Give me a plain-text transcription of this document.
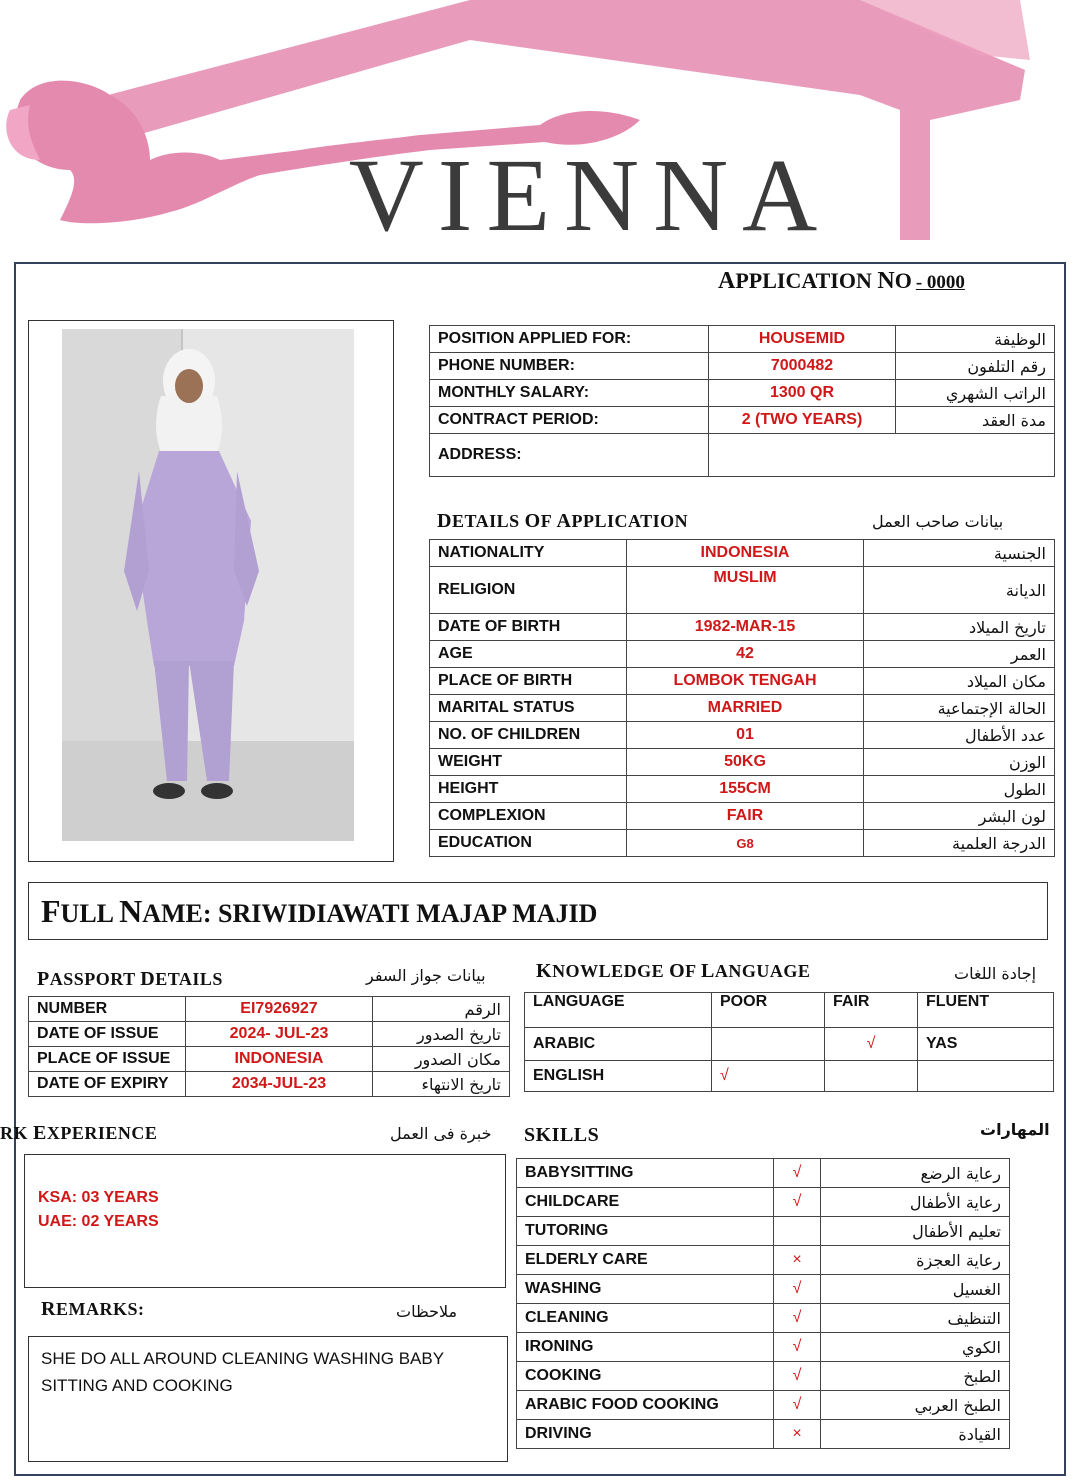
VIENNA
APPLICATION NO - 0000
POSITION APPLIED FOR:	HOUSEMID	الوظيفة
PHONE NUMBER:	7000482	رقم التلفون
MONTHLY SALARY:	1300 QR	الراتب الشهري
CONTRACT PERIOD:	2 (TWO YEARS)	مدة العقد
ADDRESS:		
DETAILS OF APPLICATION	بيانات صاحب العمل
NATIONALITY	INDONESIA	الجنسية
RELIGION	MUSLIM	الديانة
DATE OF BIRTH	1982-MAR-15	تاريخ الميلاد
AGE	42	العمر
PLACE OF BIRTH	LOMBOK TENGAH	مكان الميلاد
MARITAL STATUS	MARRIED	الحالة الإجتماعية
NO. OF CHILDREN	01	عدد الأطفال
WEIGHT	50KG	الوزن
HEIGHT	155CM	الطول
COMPLEXION	FAIR	لون البشر
EDUCATION	G8	الدرجة العلمية
FULL NAME: SRIWIDIAWATI MAJAP MAJID
PASSPORT DETAILS	بيانات جواز السفر
NUMBER	EI7926927	الرقم
DATE OF ISSUE	2024- JUL-23	تاريخ الصدور
PLACE OF ISSUE	INDONESIA	مكان الصدور
DATE OF EXPIRY	2034-JUL-23	تاريخ الانتهاء
KNOWLEDGE OF LANGUAGE	إجادة اللغات
LANGUAGE	POOR	FAIR	FLUENT
ARABIC		√	YAS
ENGLISH	√		
RK EXPERIENCE	خبرة فى العمل
KSA: 03 YEARS
UAE: 02 YEARS
REMARKS:	ملاحظات
SHE DO ALL AROUND CLEANING WASHING BABY SITTING AND COOKING
SKILLS	المهارات
BABYSITTING	√	رعاية الرضع
CHILDCARE	√	رعاية الأطفال
TUTORING		تعليم الأطفال
ELDERLY CARE	×	رعاية العجزة
WASHING	√	الغسيل
CLEANING	√	التنظيف
IRONING	√	الكوي
COOKING	√	الطبخ
ARABIC FOOD COOKING	√	الطبخ العربي
DRIVING	×	القيادة
